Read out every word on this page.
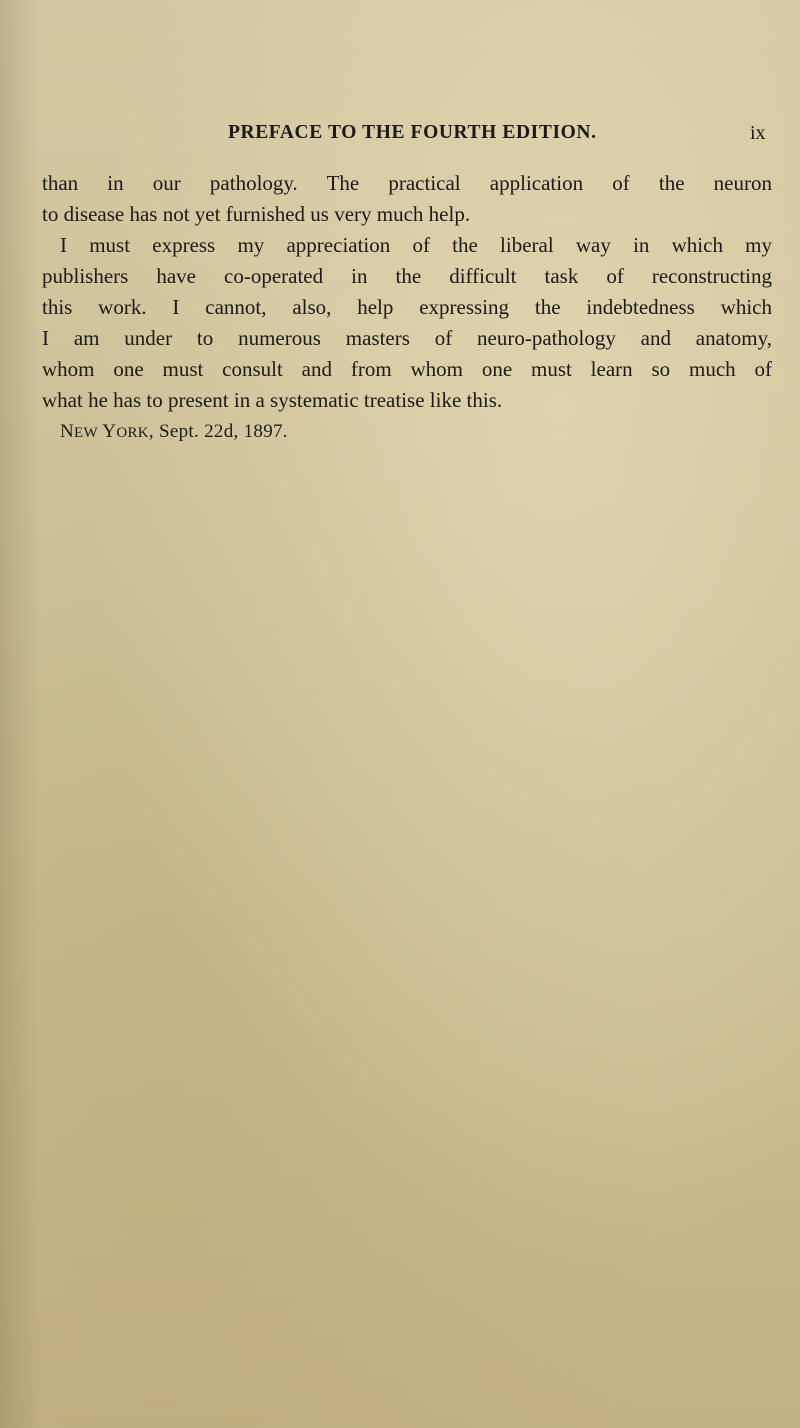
PREFACE TO THE FOURTH EDITION.	ix
than in our pathology. The practical application of the neuron
to disease has not yet furnished us very much help.
I must express my appreciation of the liberal way in which my
publishers have co-operated in the difficult task of reconstructing
this work. I cannot, also, help expressing the indebtedness which
I am under to numerous masters of neuro-pathology and anatomy,
whom one must consult and from whom one must learn so much of
what he has to present in a systematic treatise like this.
NEW YORK, Sept. 22d, 1897.
